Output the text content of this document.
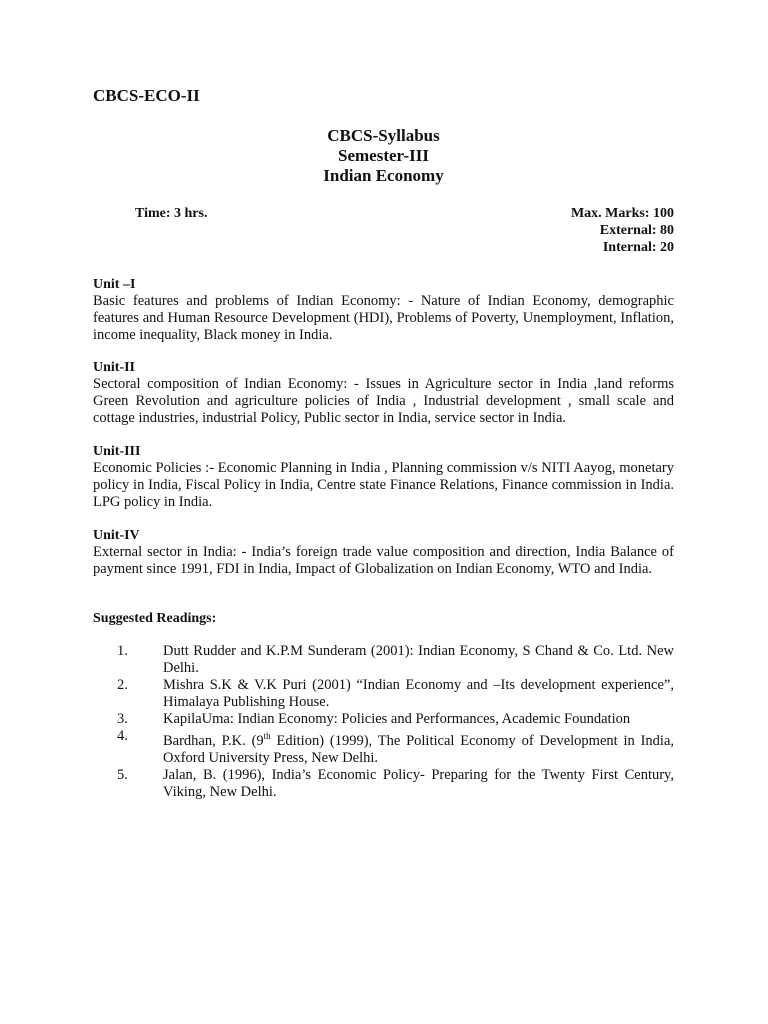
CBCS-ECO-II
CBCS-Syllabus
Semester-III
Indian Economy
Time: 3 hrs.	Max. Marks: 100
External: 80
Internal: 20
Unit –I
Basic features and problems of Indian Economy: - Nature of Indian Economy, demographic features and Human Resource Development (HDI), Problems of Poverty, Unemployment, Inflation, income inequality, Black money in India.
Unit-II
Sectoral composition of Indian Economy: - Issues in Agriculture sector in India ,land reforms Green Revolution and agriculture policies of India , Industrial development , small scale and cottage industries, industrial Policy, Public sector in India, service sector in India.
Unit-III
Economic Policies :- Economic Planning in India , Planning commission v/s NITI Aayog, monetary policy in India, Fiscal Policy in India, Centre state Finance Relations, Finance commission in India. LPG policy in India.
Unit-IV
External sector in India: - India’s foreign trade value composition and direction, India Balance of payment since 1991, FDI in India, Impact of Globalization on Indian Economy, WTO and India.
Suggested Readings:
1.	Dutt Rudder and K.P.M Sunderam (2001): Indian Economy, S Chand & Co. Ltd. New Delhi.
2.	Mishra S.K & V.K Puri (2001) “Indian Economy and –Its development experience”, Himalaya Publishing House.
3.	KapilaUma: Indian Economy: Policies and Performances, Academic Foundation
4.	Bardhan, P.K. (9th Edition) (1999), The Political Economy of Development in India, Oxford University Press, New Delhi.
5.	Jalan, B. (1996), India’s Economic Policy- Preparing for the Twenty First Century, Viking, New Delhi.
